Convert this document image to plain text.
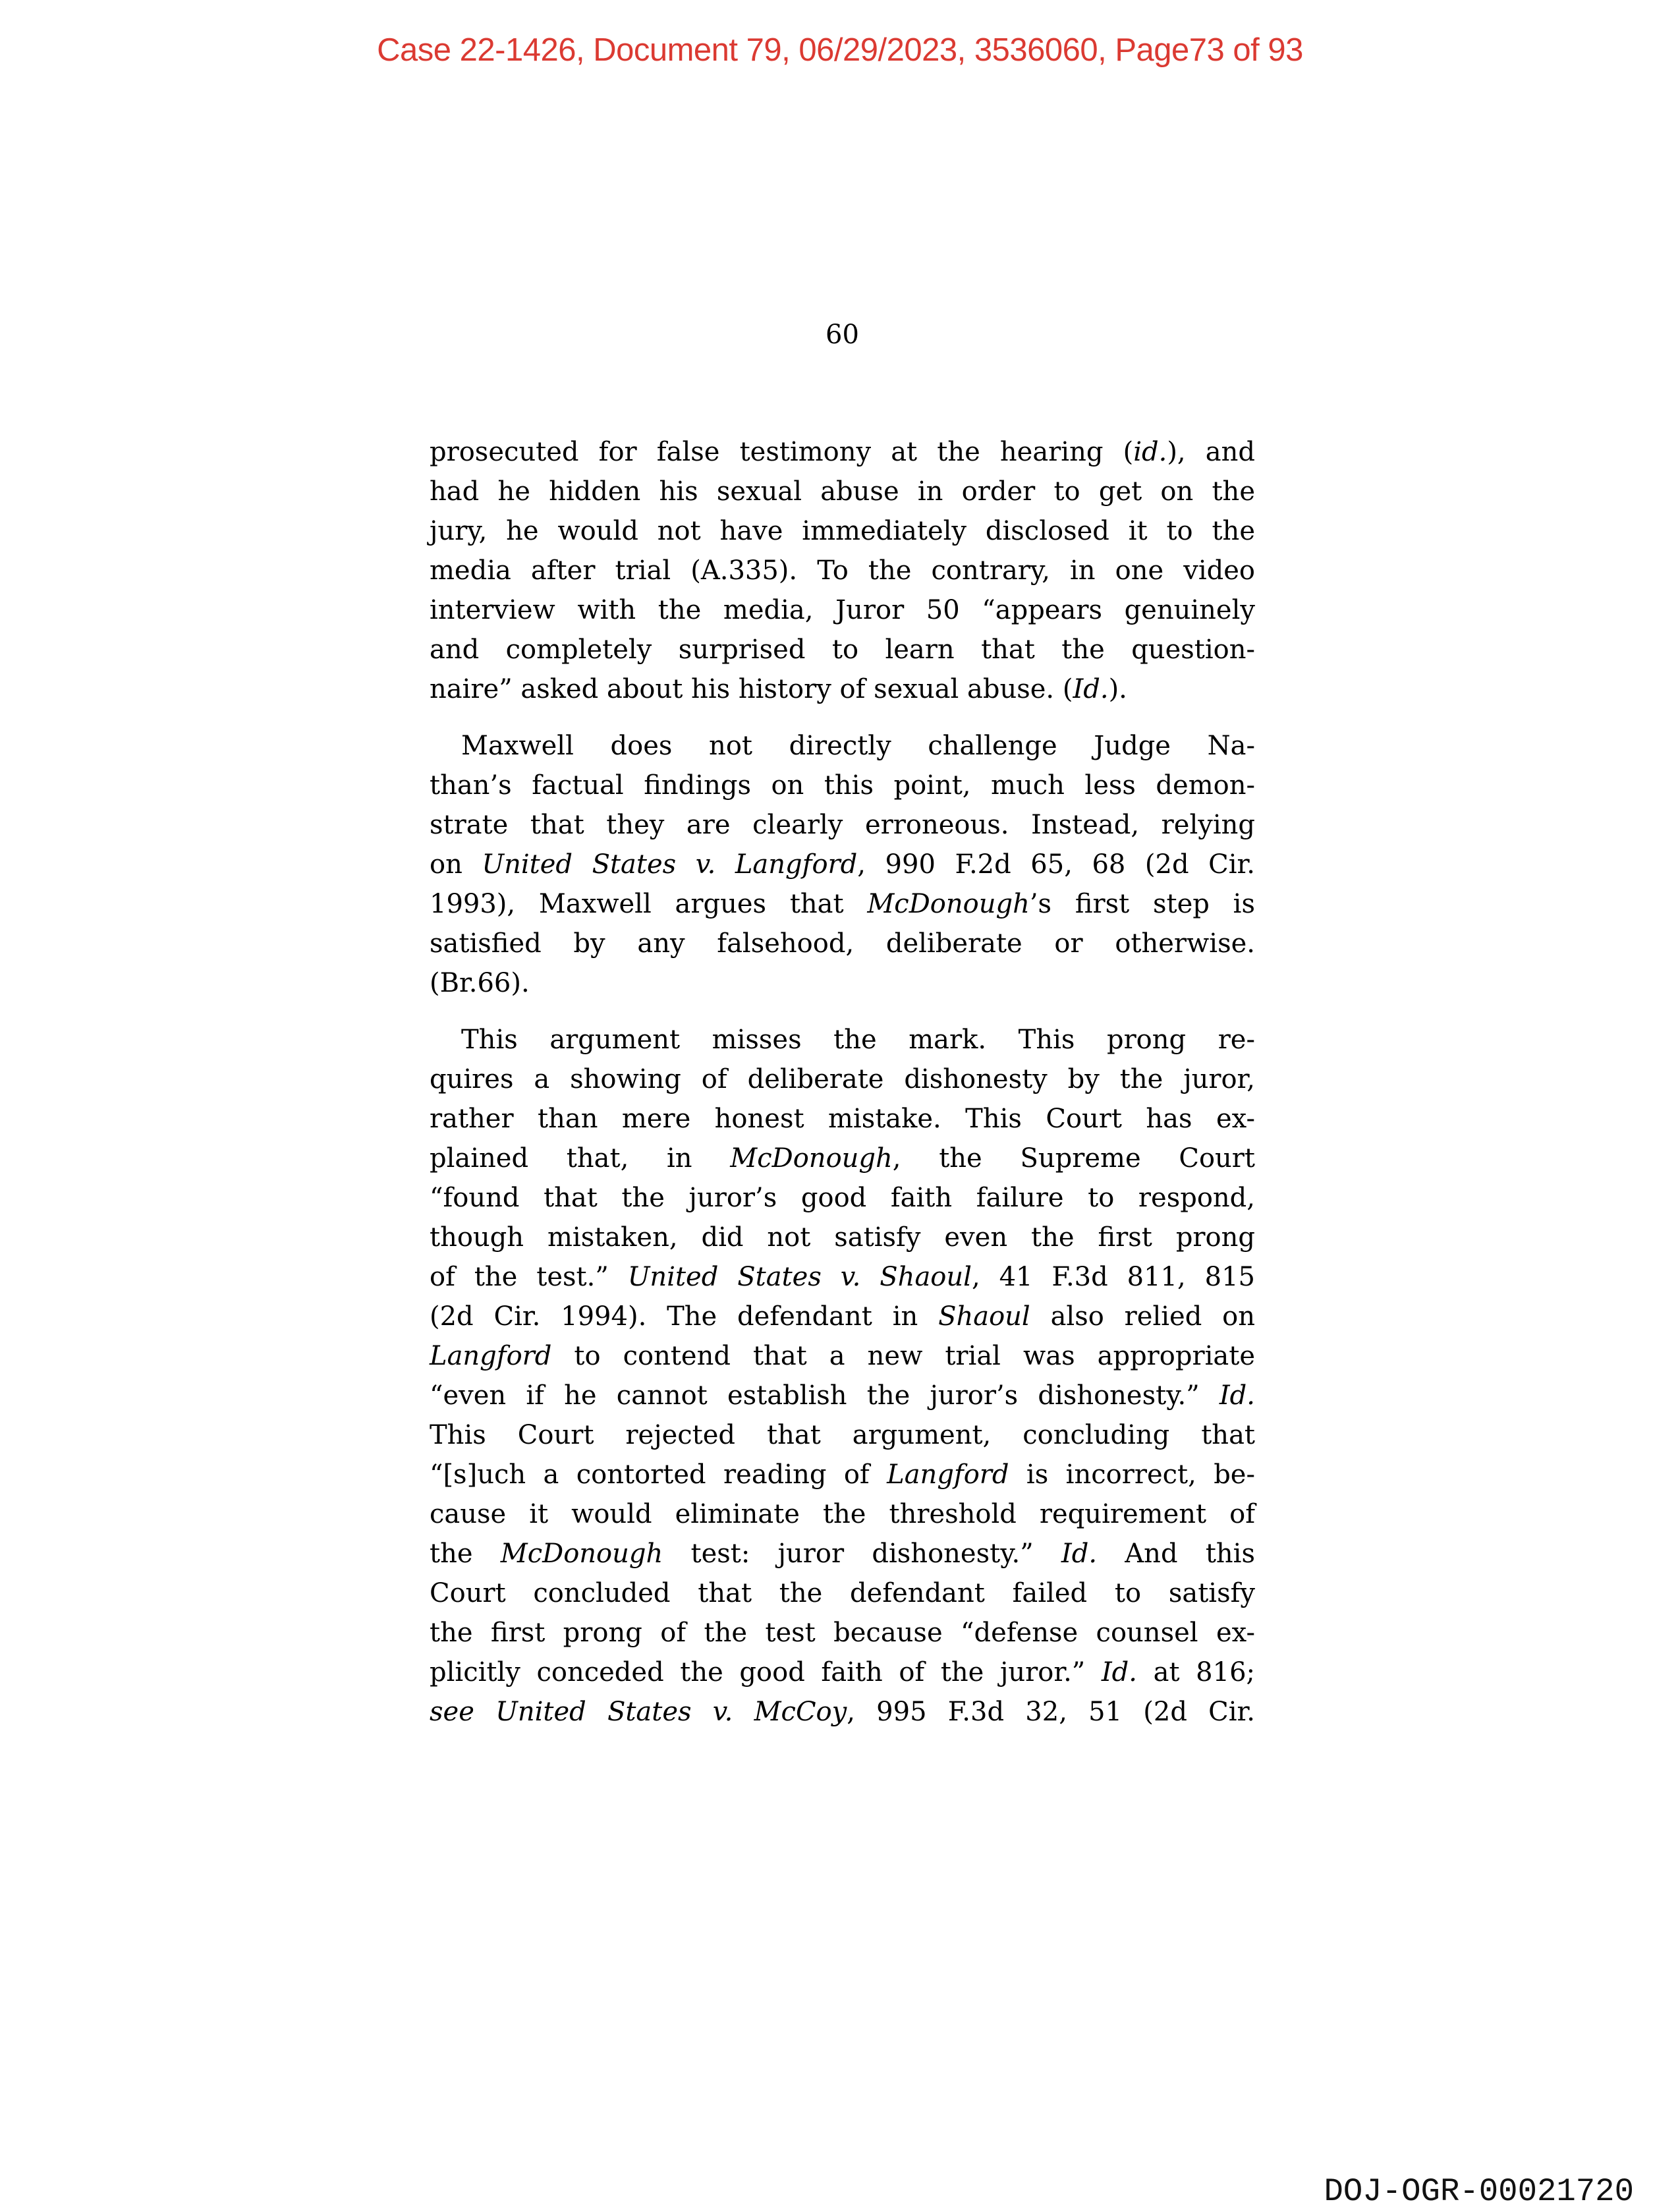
Case 22-1426, Document 79, 06/29/2023, 3536060, Page73 of 93
60
prosecuted for false testimony at the hearing (id.), and
had he hidden his sexual abuse in order to get on the
jury, he would not have immediately disclosed it to the
media after trial (A.335). To the contrary, in one video
interview with the media, Juror 50 “appears genuinely
and completely surprised to learn that the question-
naire” asked about his history of sexual abuse. (Id.).
Maxwell does not directly challenge Judge Na-
than’s factual findings on this point, much less demon-
strate that they are clearly erroneous. Instead, relying
on United States v. Langford, 990 F.2d 65, 68 (2d Cir.
1993), Maxwell argues that McDonough’s first step is
satisfied by any falsehood, deliberate or otherwise.
(Br.66).
This argument misses the mark. This prong re-
quires a showing of deliberate dishonesty by the juror,
rather than mere honest mistake. This Court has ex-
plained that, in McDonough, the Supreme Court
“found that the juror’s good faith failure to respond,
though mistaken, did not satisfy even the first prong
of the test.” United States v. Shaoul, 41 F.3d 811, 815
(2d Cir. 1994). The defendant in Shaoul also relied on
Langford to contend that a new trial was appropriate
“even if he cannot establish the juror’s dishonesty.” Id.
This Court rejected that argument, concluding that
“[s]uch a contorted reading of Langford is incorrect, be-
cause it would eliminate the threshold requirement of
the McDonough test: juror dishonesty.” Id. And this
Court concluded that the defendant failed to satisfy
the first prong of the test because “defense counsel ex-
plicitly conceded the good faith of the juror.” Id. at 816;
see United States v. McCoy, 995 F.3d 32, 51 (2d Cir.
DOJ-OGR-00021720
